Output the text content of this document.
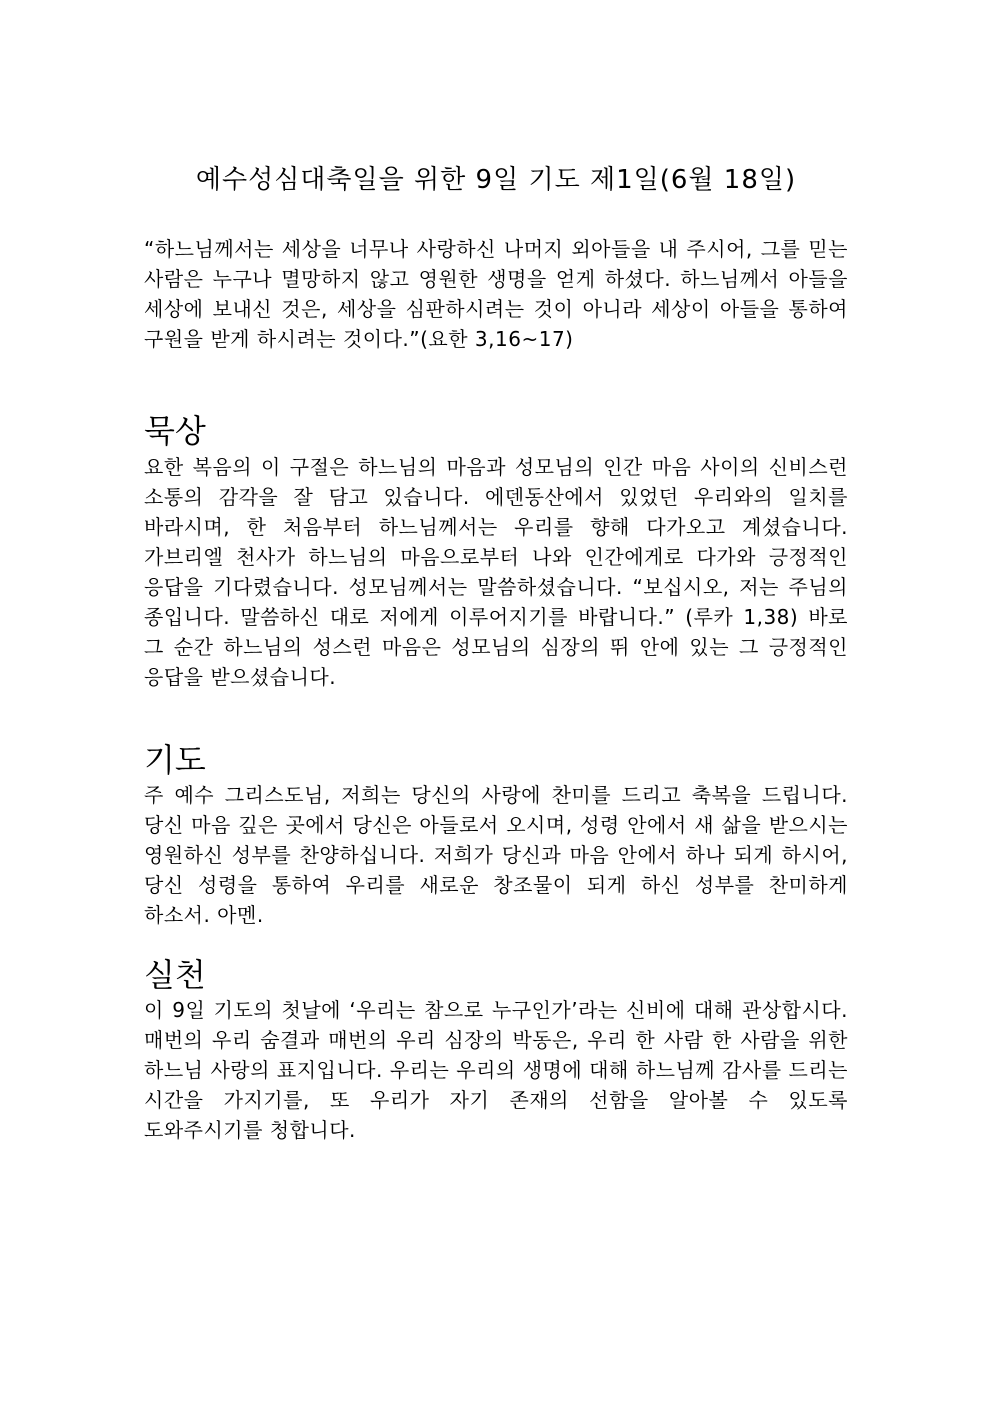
예수성심대축일을 위한 9일 기도 제1일(6월 18일)

“하느님께서는 세상을 너무나 사랑하신 나머지 외아들을 내 주시어, 그를 믿는 사람은 누구나 멸망하지 않고 영원한 생명을 얻게 하셨다. 하느님께서 아들을 세상에 보내신 것은, 세상을 심판하시려는 것이 아니라 세상이 아들을 통하여 구원을 받게 하시려는 것이다.”(요한 3,16~17)

묵상

요한 복음의 이 구절은 하느님의 마음과 성모님의 인간 마음 사이의 신비스런 소통의 감각을 잘 담고 있습니다. 에덴동산에서 있었던 우리와의 일치를 바라시며, 한 처음부터 하느님께서는 우리를 향해 다가오고 계셨습니다. 가브리엘 천사가 하느님의 마음으로부터 나와 인간에게로 다가와 긍정적인 응답을 기다렸습니다. 성모님께서는 말씀하셨습니다. “보십시오, 저는 주님의 종입니다. 말씀하신 대로 저에게 이루어지기를 바랍니다.” (루카 1,38) 바로 그 순간 하느님의 성스런 마음은 성모님의 심장의 뛰 안에 있는 그 긍정적인 응답을 받으셨습니다.

기도

주 예수 그리스도님, 저희는 당신의 사랑에 찬미를 드리고 축복을 드립니다. 당신 마음 깊은 곳에서 당신은 아들로서 오시며, 성령 안에서 새 삶을 받으시는 영원하신 성부를 찬양하십니다. 저희가 당신과 마음 안에서 하나 되게 하시어, 당신 성령을 통하여 우리를 새로운 창조물이 되게 하신 성부를 찬미하게 하소서. 아멘.

실천

이 9일 기도의 첫날에 ‘우리는 참으로 누구인가’라는 신비에 대해 관상합시다. 매번의 우리 숨결과 매번의 우리 심장의 박동은, 우리 한 사람 한 사람을 위한 하느님 사랑의 표지입니다. 우리는 우리의 생명에 대해 하느님께 감사를 드리는 시간을 가지기를, 또 우리가 자기 존재의 선함을 알아볼 수 있도록 도와주시기를 청합니다.
